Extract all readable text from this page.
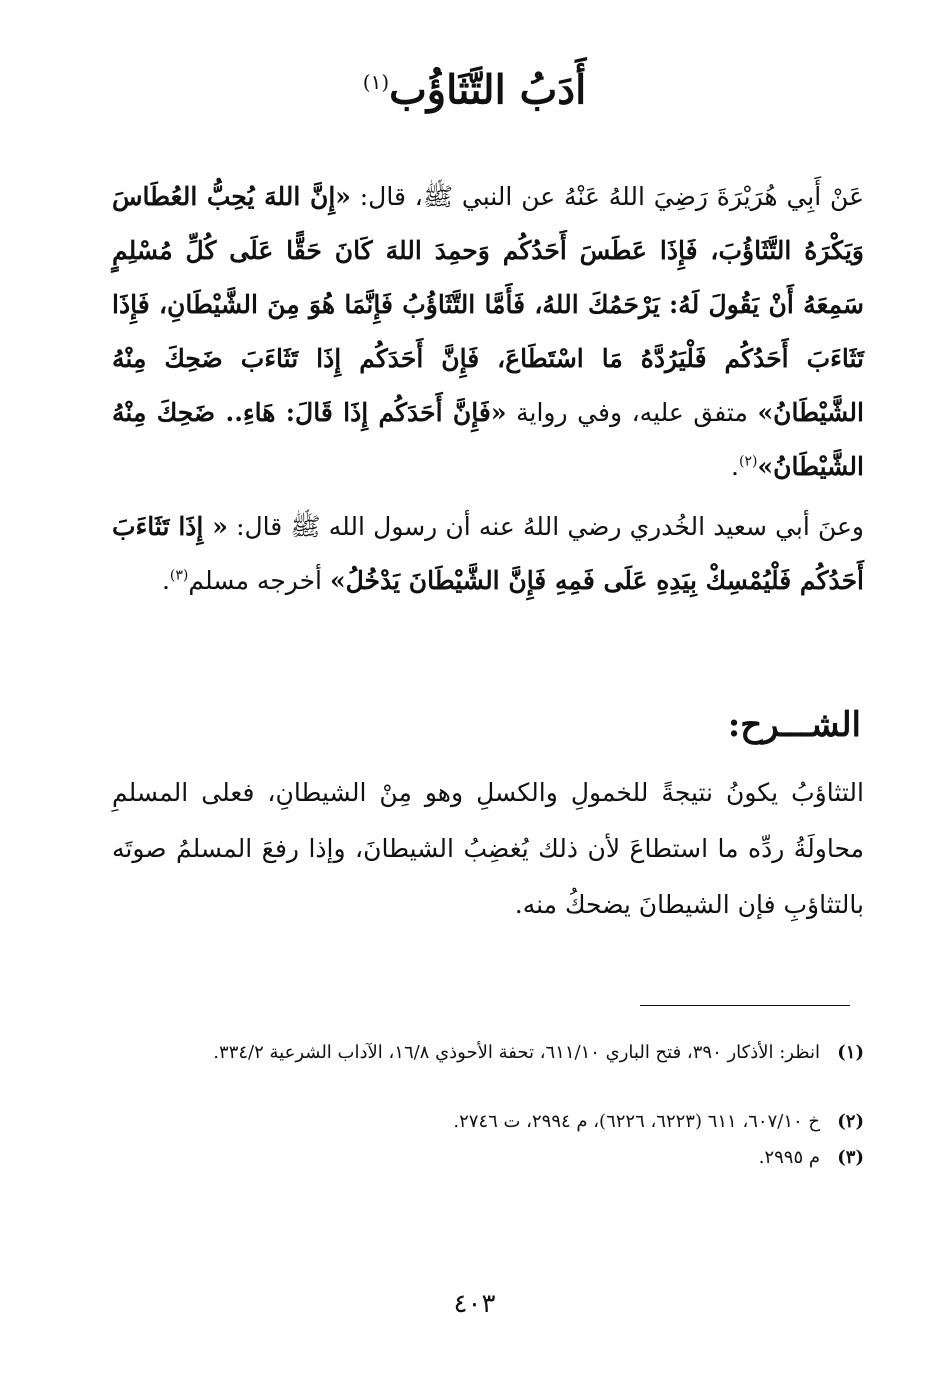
أَدَبُ التَّثَاؤُب$^{(١)}$
عَنْ أَبِي هُرَيْرَةَ رَضِيَ اللهُ عَنْهُ عن النبي ﷺ، قال: «إِنَّ اللهَ يُحِبُّ العُطَاسَ وَيَكْرَهُ التَّثَاؤُبَ، فَإِذَا عَطَسَ أَحَدُكُم وَحمِدَ اللهَ كَانَ حَقًّا عَلَى كُلِّ مُسْلِمٍ سَمِعَهُ أَنْ يَقُولَ لَهُ: يَرْحَمُكَ اللهُ، فَأَمَّا التَّثَاؤُبُ فَإِنَّمَا هُوَ مِنَ الشَّيْطَانِ، فَإِذَا تَثَاءَبَ أَحَدُكُم فَلْيَرُدَّهُ مَا اسْتَطَاعَ، فَإِنَّ أَحَدَكُم إِذَا تَثَاءَبَ ضَحِكَ مِنْهُ الشَّيْطَانُ» متفق عليه، وفي رواية «فَإِنَّ أَحَدَكُم إِذَا قَالَ: هَاءِ.. ضَحِكَ مِنْهُ الشَّيْطَانُ»$^{(٢)}$.
وعنَ أبي سعيد الخُدري رضي اللهُ عنه أن رسول الله ﷺ قال: « إِذَا تَثَاءَبَ أَحَدُكُم فَلْيُمْسِكْ بِيَدِهِ عَلَى فَمِهِ فَإِنَّ الشَّيْطَانَ يَدْخُلُ» أخرجه مسلم$^{(٣)}$.
الشـــرح:
التثاؤبُ يكونُ نتيجةً للخمولِ والكسلِ وهو مِنْ الشيطانِ، فعلى المسلمِ محاولَةُ ردِّه ما استطاعَ لأن ذلك يُغضِبُ الشيطانَ، وإذا رفعَ المسلمُ صوتَه بالتثاؤبِ فإن الشيطانَ يضحكُ منه.
(١)انظر: الأذكار ٣٩٠، فتح الباري ٦١١/١٠، تحفة الأحوذي ١٦/٨، الآداب الشرعية ٣٣٤/٢.
(٢)خ ٦٠٧/١٠، ٦١١ (٦٢٢٣، ٦٢٢٦)، م ٢٩٩٤، ت ٢٧٤٦.
(٣)م ٢٩٩٥.
٤٠٣
